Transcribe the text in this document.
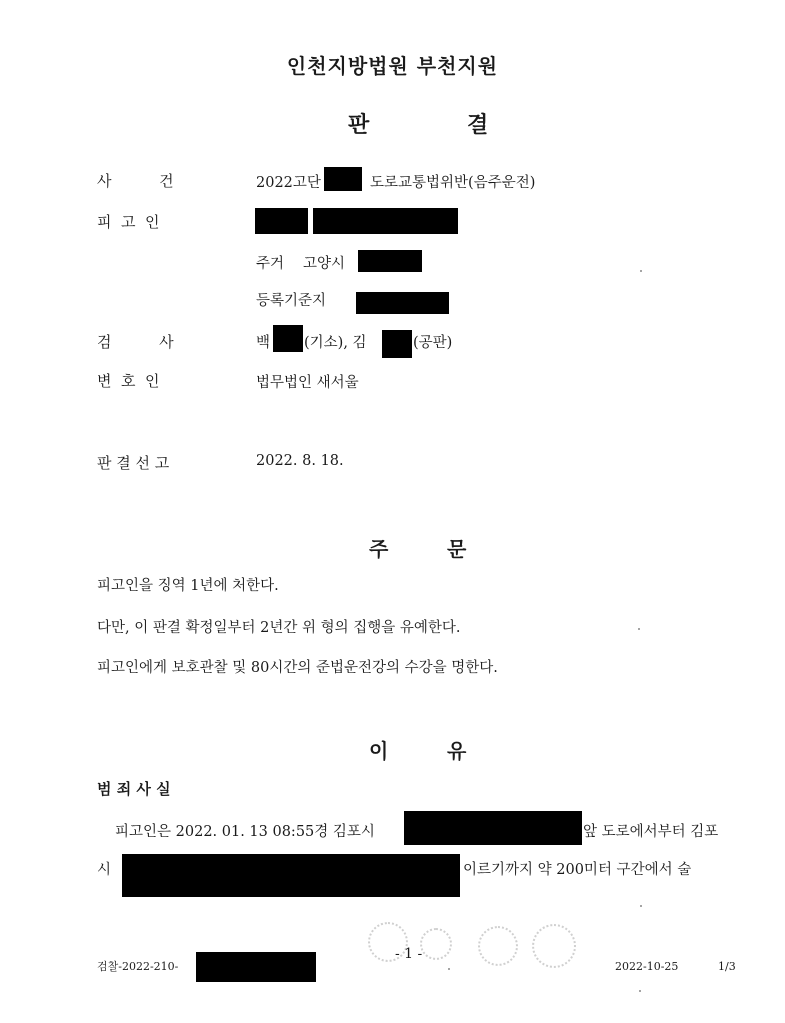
인천지방법원 부천지원
판	결
사          건	2022고단	도로교통법위반(음주운전)
피  고  인
주거 고양시
등록기준지
검          사	백 (기소), 김	(공판)
변  호  인	법무법인 새서울
판 결 선 고	2022. 8. 18.
주	문
피고인을 징역 1년에 처한다.
다만, 이 판결 확정일부터 2년간 위 형의 집행을 유예한다.
피고인에게 보호관찰 및 80시간의 준법운전강의 수강을 명한다.
이	유
범 죄 사 실
피고인은 2022. 01. 13 08:55경 김포시	앞 도로에서부터 김포
시	이르기까지 약 200미터 구간에서 술
검찰-2022-210-
- 1 -
2022-10-25	1/3
